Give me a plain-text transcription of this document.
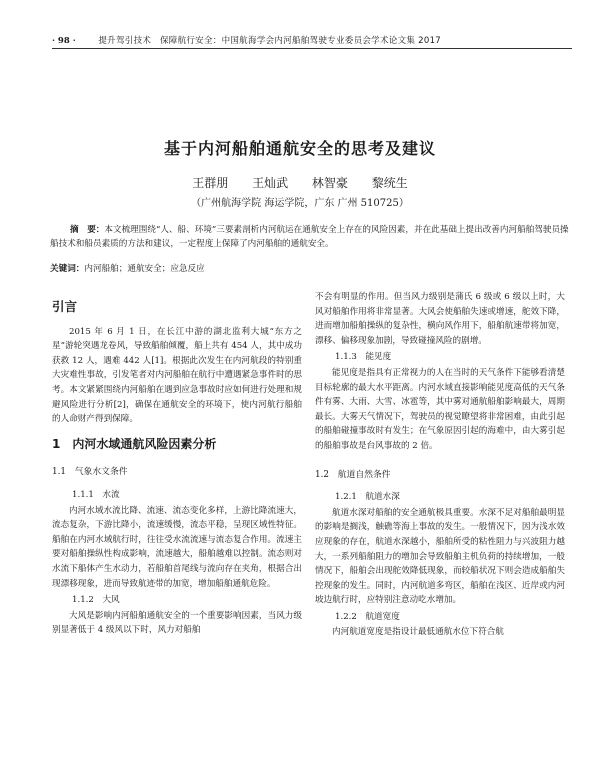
· 98 ·	提升驾引技术　保障航行安全：中国航海学会内河船舶驾驶专业委员会学术论文集 2017
基于内河船舶通航安全的思考及建议
王群朋 王灿武 林智豪 黎统生
（广州航海学院 海运学院，广东 广州 510725）
摘　要：本文梳理围绕“人、船、环境”三要素剖析内河航运在通航安全上存在的风险因素，并在此基础上提出改善内河船舶驾驶员操船技术和船员素质的方法和建议，一定程度上保障了内河船舶的通航安全。
关键词：内河船舶；通航安全；应急反应
引言

2015 年 6 月 1 日，在长江中游的湖北监利大城“东方之星”游轮突遇龙卷风，导致船舶倾覆，船上共有 454 人，其中成功获救 12 人，遇难 442 人[1]。根据此次发生在内河航段的特别重大灾难性事故，引发笔者对内河船舶在航行中遭遇紧急事件时的思考。本文紧紧围绕内河船舶在遇到应急事故时应如何进行处理和规避风险进行分析[2]，确保在通航安全的环境下，使内河航行船舶的人命财产得到保障。

1　内河水域通航风险因素分析
1.1　气象水文条件
1.1.1　水流

内河水域水流比降、流速、流态变化多样，上游比降流速大，流态复杂，下游比降小，流速缓慢，流态平稳，呈现区域性特征。船舶在内河水域航行时，往往受水流流速与流态复合作用。流速主要对船舶操纵性构成影响，流速越大，船舶越难以控制。流态则对水流下船体产生水动力，若船舶首尾线与流向存在夹角，根据合出现漂移现象，进而导致航迹带的加宽，增加船舶通航危险。

1.1.2　大风

大风是影响内河船舶通航安全的一个重要影响因素，当风力级别显著低于 4 级风以下时，风力对船舶

不会有明显的作用。但当风力级别是蒲氏 6 级或 6 级以上时，大风对船舶作用将非常显著。大风会使船舶失速或增速，舵效下降，进而增加船舶操纵的复杂性，横向风作用下，船舶航速带将加宽，漂移、偏移现象加剧，导致碰撞风险的剧增。

1.1.3　能见度

能见度是指具有正常视力的人在当时的天气条件下能够看清楚目标轮廓的最大水平距离。内河水域直接影响能见度高低的天气条件有雾、大雨、大雪、冰雹等，其中雾对通航船舶影响最大，周期最长。大雾天气情况下，驾驶员的视觉瞭望将非常困难，由此引起的船舶碰撞事故时有发生；在气象原因引起的海难中，由大雾引起的船舶事故是台风事故的 2 倍。

1.2　航道自然条件
1.2.1　航道水深

航道水深对船舶的安全通航极具重要。水深不足对船舶最明显的影响是搁浅，触礁等海上事故的发生。一般情况下，因为浅水效应现象的存在，航道水深越小，船舶所受的粘性阻力与兴波阻力越大，一系列船舶阻力的增加会导致船舶主机负荷的持续增加，一般情况下，船舶会出现舵效降低现象，而较船状况下则会造成船舶失控现象的发生。同时，内河航道多弯区，船舶在浅区、近岸或内河坡边航行时，应特别注意动吃水增加。

1.2.2　航道宽度

内河航道宽度是指设计最低通航水位下符合航
